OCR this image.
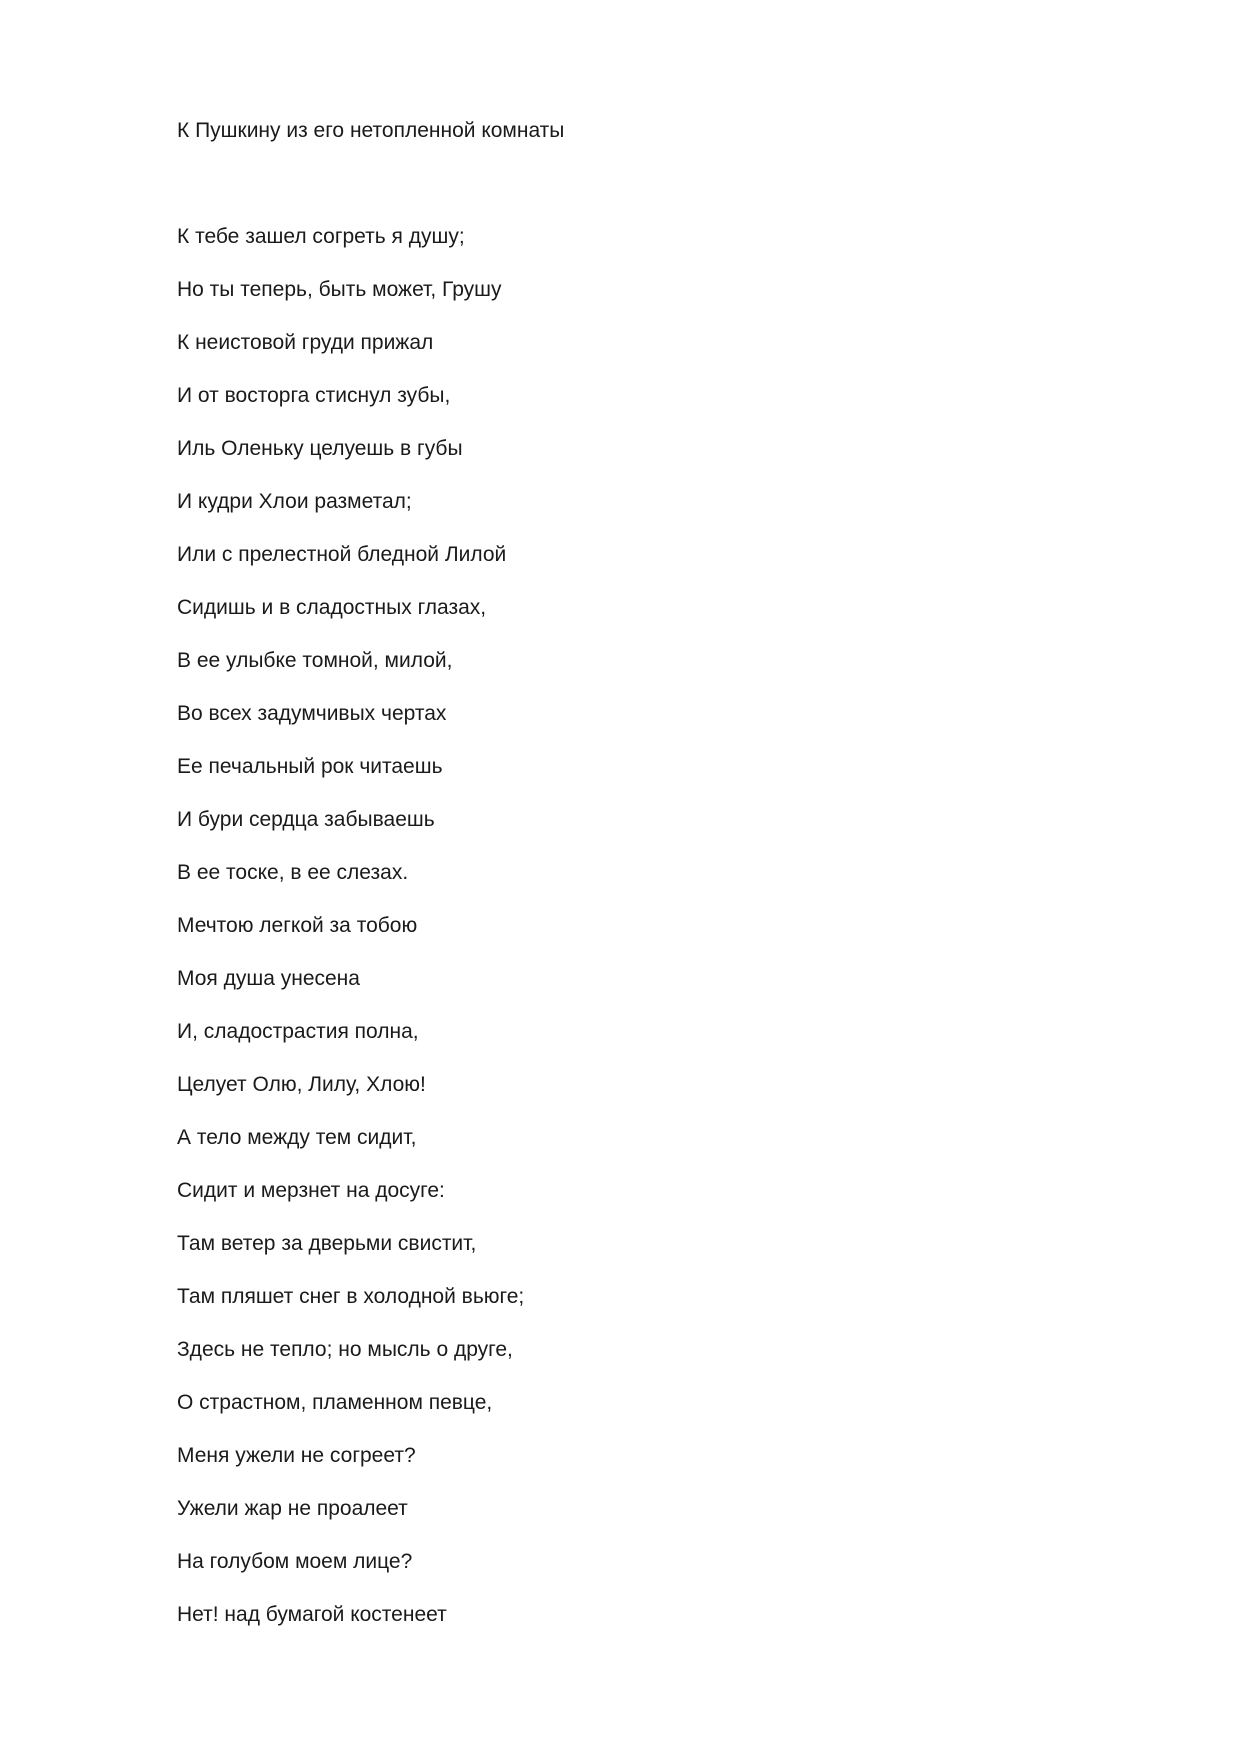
К Пушкину из его нетопленной комнаты
К тебе зашел согреть я душу;
Но ты теперь, быть может, Грушу
К неистовой груди прижал
И от восторга стиснул зубы,
Иль Оленьку целуешь в губы
И кудри Хлои разметал;
Или с прелестной бледной Лилой
Сидишь и в сладостных глазах,
В ее улыбке томной, милой,
Во всех задумчивых чертах
Ее печальный рок читаешь
И бури сердца забываешь
В ее тоске, в ее слезах.
Мечтою легкой за тобою
Моя душа унесена
И, сладострастия полна,
Целует Олю, Лилу, Хлою!
А тело между тем сидит,
Сидит и мерзнет на досуге:
Там ветер за дверьми свистит,
Там пляшет снег в холодной вьюге;
Здесь не тепло; но мысль о друге,
О страстном, пламенном певце,
Меня ужели не согреет?
Ужели жар не проалеет
На голубом моем лице?
Нет! над бумагой костенеет
